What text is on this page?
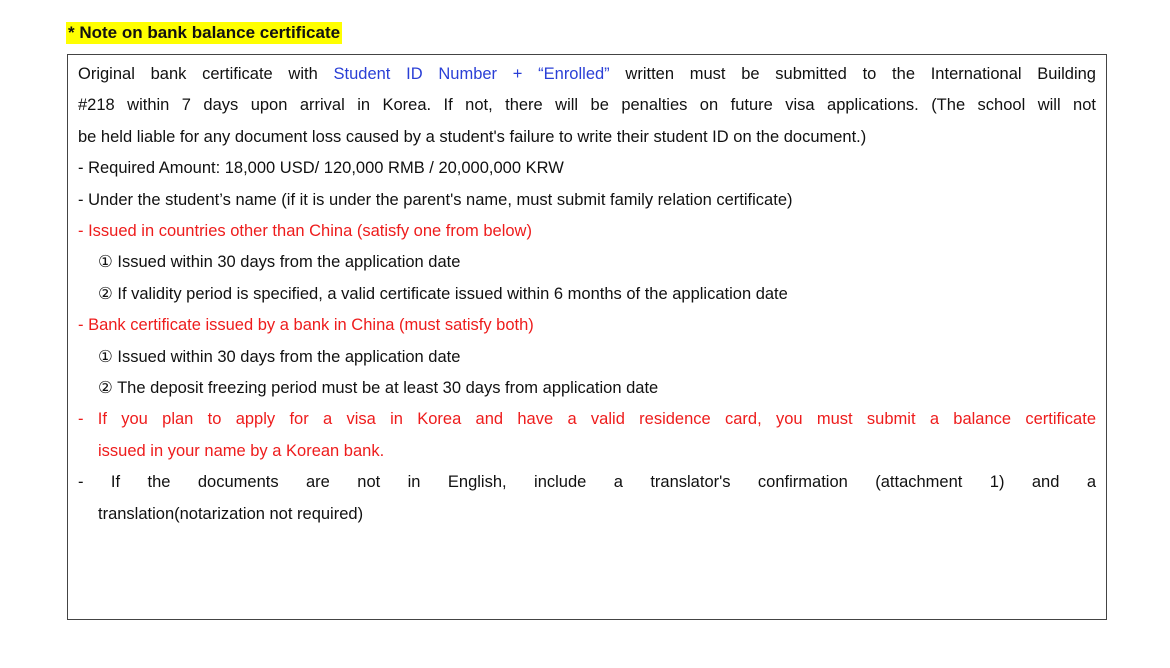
* Note on bank balance certificate
Original bank certificate with Student ID Number + “Enrolled” written must be submitted to the International Building
#218 within 7 days upon arrival in Korea. If not, there will be penalties on future visa applications. (The school will not
be held liable for any document loss caused by a student's failure to write their student ID on the document.)
- Required Amount: 18,000 USD/ 120,000 RMB / 20,000,000 KRW
- Under the student’s name (if it is under the parent's name, must submit family relation certificate)
- Issued in countries other than China (satisfy one from below)
① Issued within 30 days from the application date
② If validity period is specified, a valid certificate issued within 6 months of the application date
- Bank certificate issued by a bank in China (must satisfy both)
① Issued within 30 days from the application date
② The deposit freezing period must be at least 30 days from application date
- If you plan to apply for a visa in Korea and have a valid residence card, you must submit a balance certificate
issued in your name by a Korean bank.
- If the documents are not in English, include a translator's confirmation (attachment 1) and a
translation(notarization not required)
